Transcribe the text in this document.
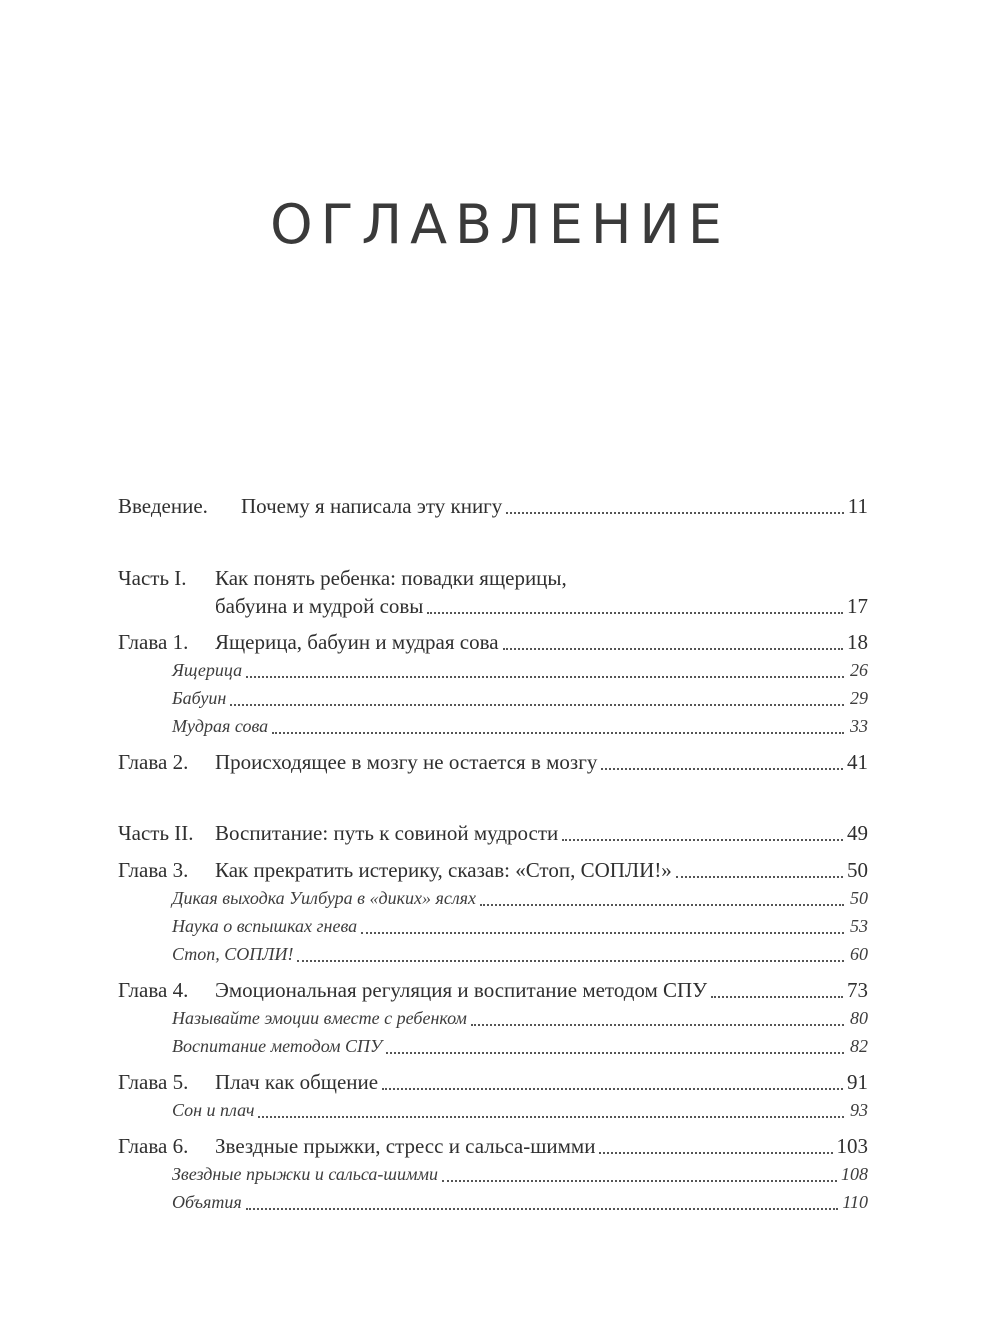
ОГЛАВЛЕНИЕ
Введение.	Почему я написала эту книгу	11
Часть I.	Как понять ребенка: повадки ящерицы,
бабуина и мудрой совы	17
Глава 1.	Ящерица, бабуин и мудрая сова	18
Ящерица	26
Бабуин	29
Мудрая сова	33
Глава 2.	Происходящее в мозгу не остается в мозгу	41
Часть II.	Воспитание: путь к совиной мудрости	49
Глава 3.	Как прекратить истерику, сказав: «Стоп, СОПЛИ!»	50
Дикая выходка Уилбура в «диких» яслях	50
Наука о вспышках гнева	53
Стоп, СОПЛИ!	60
Глава 4.	Эмоциональная регуляция и воспитание методом СПУ	73
Называйте эмоции вместе с ребенком	80
Воспитание методом СПУ	82
Глава 5.	Плач как общение	91
Сон и плач	93
Глава 6.	Звездные прыжки, стресс и сальса-шимми	103
Звездные прыжки и сальса-шимми	108
Объятия	110
